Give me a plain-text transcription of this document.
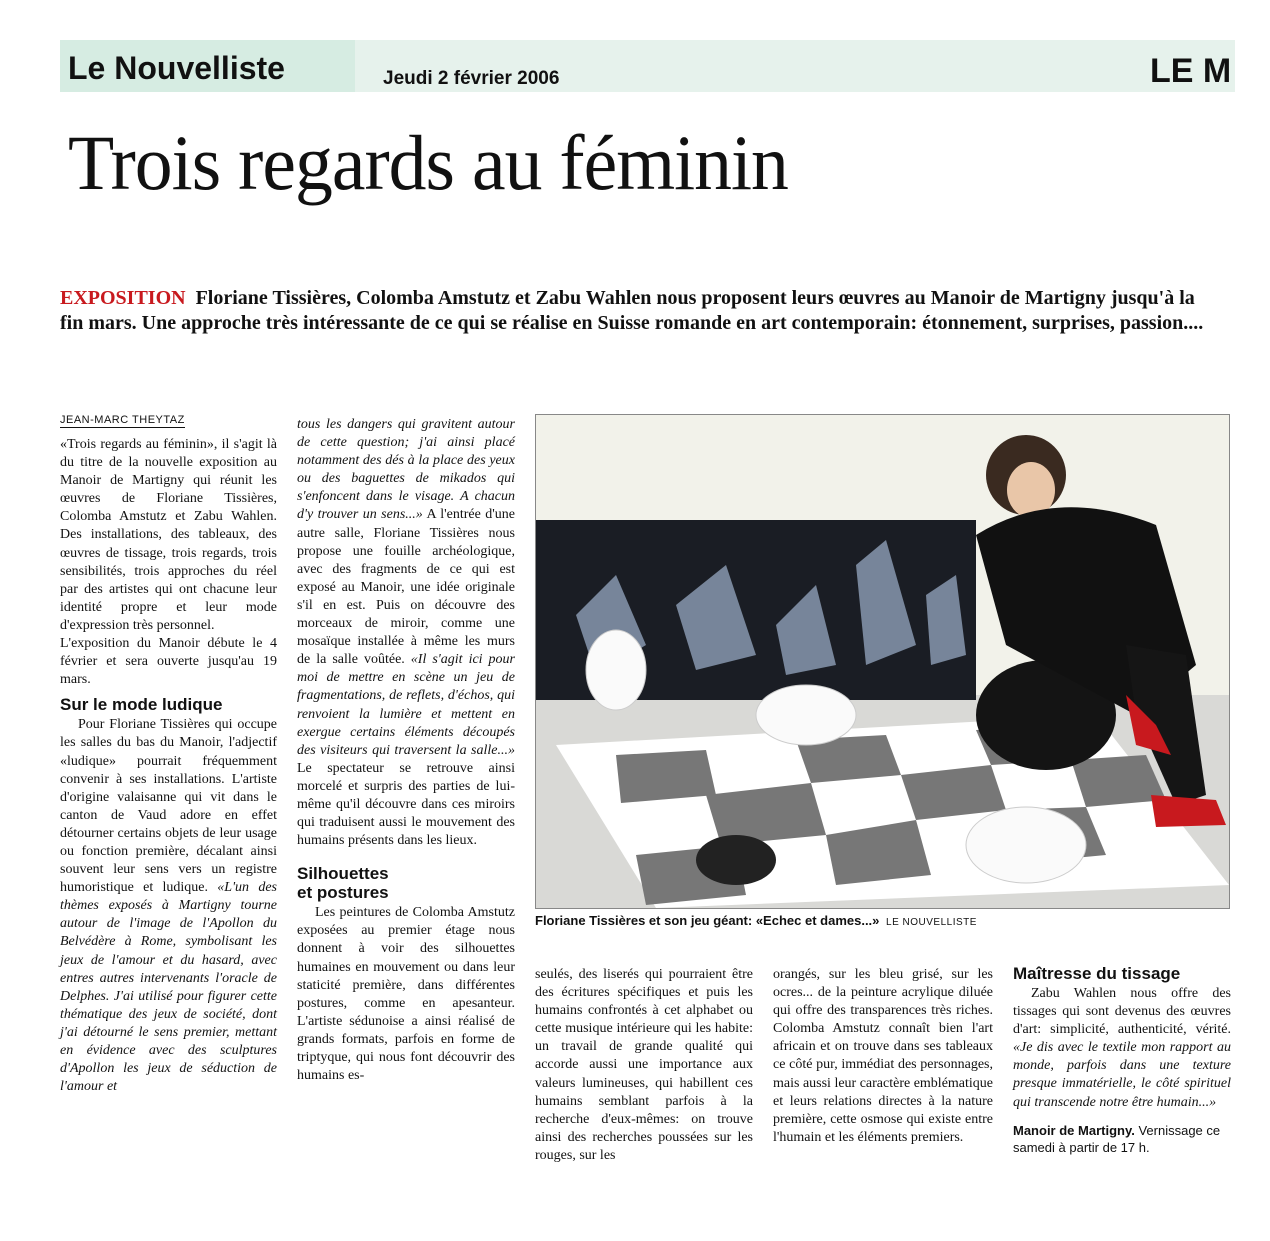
Le Nouvelliste	Jeudi 2 février 2006	LE M
Trois regards au féminin
EXPOSITION Floriane Tissières, Colomba Amstutz et Zabu Wahlen nous proposent leurs œuvres au Manoir de Martigny jusqu'à la fin mars. Une approche très intéressante de ce qui se réalise en Suisse romande en art contemporain: étonnement, surprises, passion....
JEAN-MARC THEYTAZ

«Trois regards au féminin», il s'agit là du titre de la nouvelle exposition au Manoir de Martigny qui réunit les œuvres de Floriane Tissières, Colomba Amstutz et Zabu Wahlen. Des installations, des tableaux, des œuvres de tissage, trois regards, trois sensibilités, trois approches du réel par des artistes qui ont chacune leur identité propre et leur mode d'expression très personnel.

L'exposition du Manoir débute le 4 février et sera ouverte jusqu'au 19 mars.

Sur le mode ludique

Pour Floriane Tissières qui occupe les salles du bas du Manoir, l'adjectif «ludique» pourrait fréquemment convenir à ses installations. L'artiste d'origine valaisanne qui vit dans le canton de Vaud adore en effet détourner certains objets de leur usage ou fonction première, décalant ainsi souvent leur sens vers un registre humoristique et ludique. «L'un des thèmes exposés à Martigny tourne autour de l'image de l'Apollon du Belvédère à Rome, symbolisant les jeux de l'amour et du hasard, avec entres autres intervenants l'oracle de Delphes. J'ai utilisé pour figurer cette thématique des jeux de société, dont j'ai détourné le sens premier, mettant en évidence avec des sculptures d'Apollon les jeux de séduction de l'amour et

tous les dangers qui gravitent autour de cette question; j'ai ainsi placé notamment des dés à la place des yeux ou des baguettes de mikados qui s'enfoncent dans le visage. A chacun d'y trouver un sens...» A l'entrée d'une autre salle, Floriane Tissières nous propose une fouille archéologique, avec des fragments de ce qui est exposé au Manoir, une idée originale s'il en est. Puis on découvre des morceaux de miroir, comme une mosaïque installée à même les murs de la salle voûtée. «Il s'agit ici pour moi de mettre en scène un jeu de fragmentations, de reflets, d'échos, qui renvoient la lumière et mettent en exergue certains éléments découpés des visiteurs qui traversent la salle...» Le spectateur se retrouve ainsi morcelé et surpris des parties de lui-même qu'il découvre dans ces miroirs qui traduisent aussi le mouvement des humains présents dans les lieux.

Silhouettes et postures

Les peintures de Colomba Amstutz exposées au premier étage nous donnent à voir des silhouettes humaines en mouvement ou dans leur staticité première, dans différentes postures, comme en apesanteur. L'artiste sédunoise a ainsi réalisé de grands formats, parfois en forme de triptyque, qui nous font découvrir des humains es-

Floriane Tissières et son jeu géant: «Echec et dames...» LE NOUVELLISTE

seulés, des liserés qui pourraient être des écritures spécifiques et puis les humains confrontés à cet alphabet ou cette musique intérieure qui les habite: un travail de grande qualité qui accorde aussi une importance aux valeurs lumineuses, qui habillent ces humains semblant parfois à la recherche d'eux-mêmes: on trouve ainsi des recherches poussées sur les rouges, sur les

orangés, sur les bleu grisé, sur les ocres... de la peinture acrylique diluée qui offre des transparences très riches. Colomba Amstutz connaît bien l'art africain et on trouve dans ses tableaux ce côté pur, immédiat des personnages, mais aussi leur caractère emblématique et leurs relations directes à la nature première, cette osmose qui existe entre l'humain et les éléments premiers.

Maîtresse du tissage

Zabu Wahlen nous offre des tissages qui sont devenus des œuvres d'art: simplicité, authenticité, vérité. «Je dis avec le textile mon rapport au monde, parfois dans une texture presque immatérielle, le côté spirituel qui transcende notre être humain...»

Manoir de Martigny. Vernissage ce samedi à partir de 17 h.
